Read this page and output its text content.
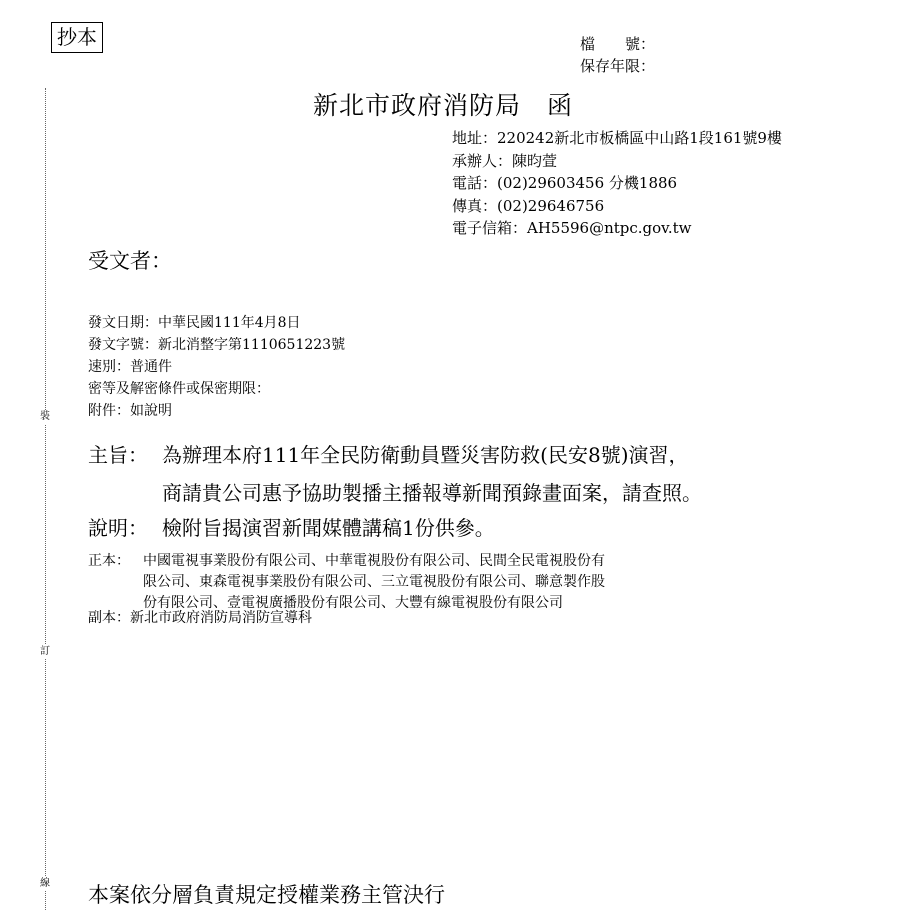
抄本	檔　　號：
保存年限：
裝
訂
線
新北市政府消防局　函
地址：220242新北市板橋區中山路1段161號9樓
承辦人：陳昀萱
電話：(02)29603456 分機1886
傳真：(02)29646756
電子信箱：AH5596@ntpc.gov.tw
受文者：
發文日期：中華民國111年4月8日
發文字號：新北消整字第1110651223號
速別：普通件
密等及解密條件或保密期限：
附件：如說明
主旨： 為辦理本府111年全民防衛動員暨災害防救(民安8號)演習，
商請貴公司惠予協助製播主播報導新聞預錄畫面案，請查照。
說明： 檢附旨揭演習新聞媒體講稿1份供參。
正本： 中國電視事業股份有限公司、中華電視股份有限公司、民間全民電視股份有
限公司、東森電視事業股份有限公司、三立電視股份有限公司、聯意製作股
份有限公司、壹電視廣播股份有限公司、大豐有線電視股份有限公司
副本：新北市政府消防局消防宣導科
本案依分層負責規定授權業務主管決行
